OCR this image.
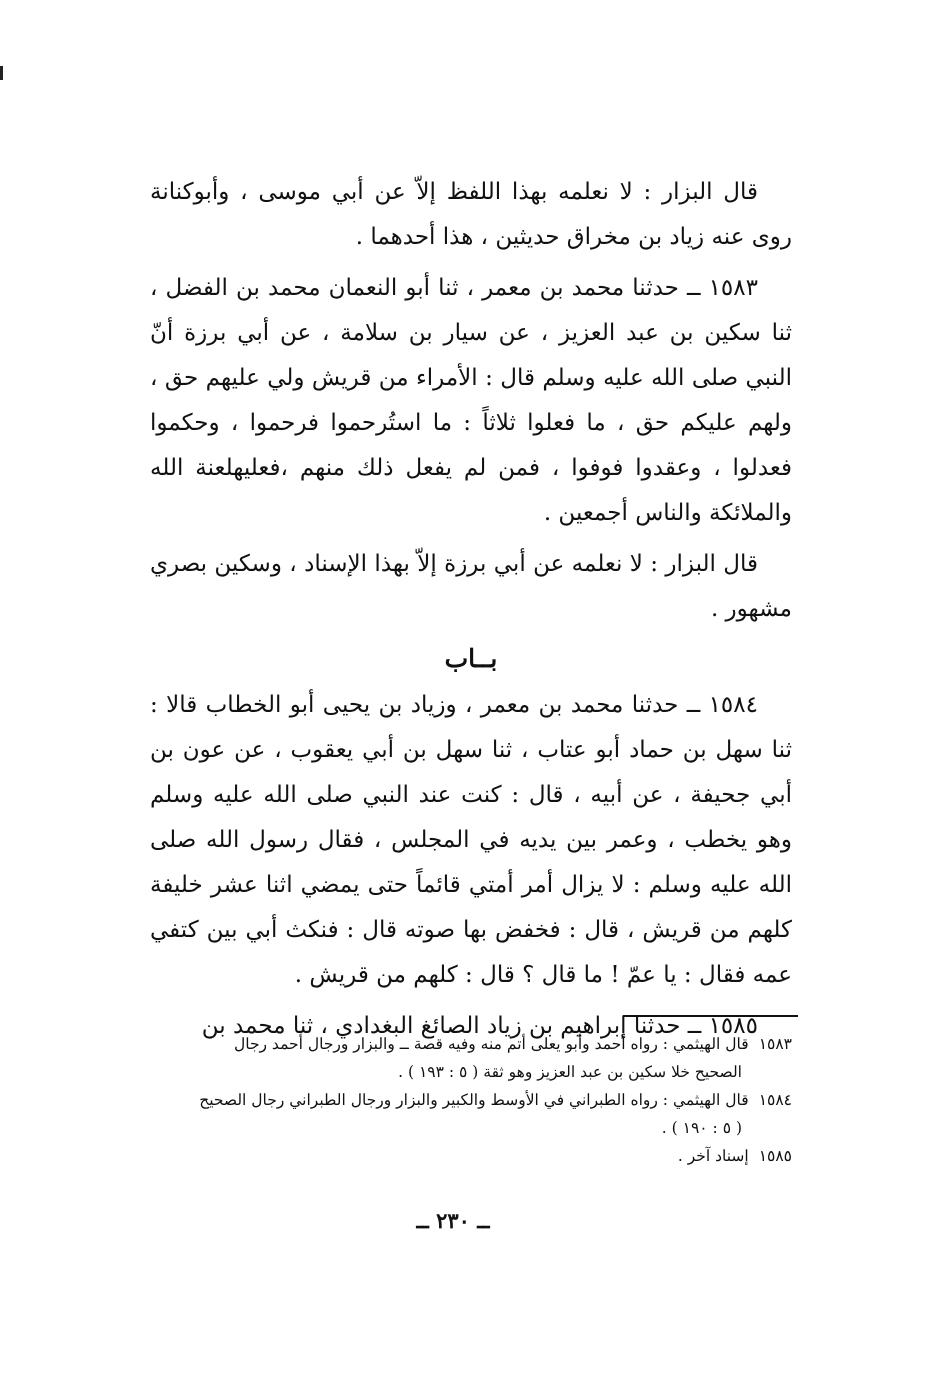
قال البزار : لا نعلمه بهذا اللفظ إلاّ عن أبي موسى ، وأبوكنانة روى عنه زياد بن مخراق حديثين ، هذا أحدهما .

١٥٨٣ ــ حدثنا محمد بن معمر ، ثنا أبو النعمان محمد بن الفضل ، ثنا سكين بن عبد العزيز ، عن سيار بن سلامة ، عن أبي برزة أنّ النبي صلى الله عليه وسلم قال : الأمراء من قريش ولي عليهم حق ، ولهم عليكم حق ، ما فعلوا ثلاثاً : ما استُرحموا فرحموا ، وحكموا فعدلوا ، وعقدوا فوفوا ، فمن لم يفعل ذلك منهم ،فعليهلعنة الله والملائكة والناس أجمعين .

قال البزار : لا نعلمه عن أبي برزة إلاّ بهذا الإسناد ، وسكين بصري مشهور .

بــاب

١٥٨٤ ــ حدثنا محمد بن معمر ، وزياد بن يحيى أبو الخطاب قالا : ثنا سهل بن حماد أبو عتاب ، ثنا سهل بن أبي يعقوب ، عن عون بن أبي جحيفة ، عن أبيه ، قال : كنت عند النبي صلى الله عليه وسلم وهو يخطب ، وعمر بين يديه في المجلس ، فقال رسول الله صلى الله عليه وسلم : لا يزال أمر أمتي قائماً حتى يمضي اثنا عشر خليفة كلهم من قريش ، قال : فخفض بها صوته قال : فنكث أبي بين كتفي عمه فقال : يا عمّ ! ما قال ؟ قال : كلهم من قريش .

١٥٨٥ ــ حدثنا إبراهيم بن زياد الصائغ البغدادي ، ثنا محمد بن

١٥٨٣قال الهيثمي : رواه أحمد وأبو يعلى أتم منه وفيه قصة ــ والبزار ورجال أحمد رجال
الصحيح خلا سكين بن عبد العزيز وهو ثقة ( ٥ : ١٩٣ ) .
١٥٨٤قال الهيثمي : رواه الطبراني في الأوسط والكبير والبزار ورجال الطبراني رجال الصحيح
( ٥ : ١٩٠ ) .
١٥٨٥إسناد آخر .
ــ ٢٣٠ ــ
